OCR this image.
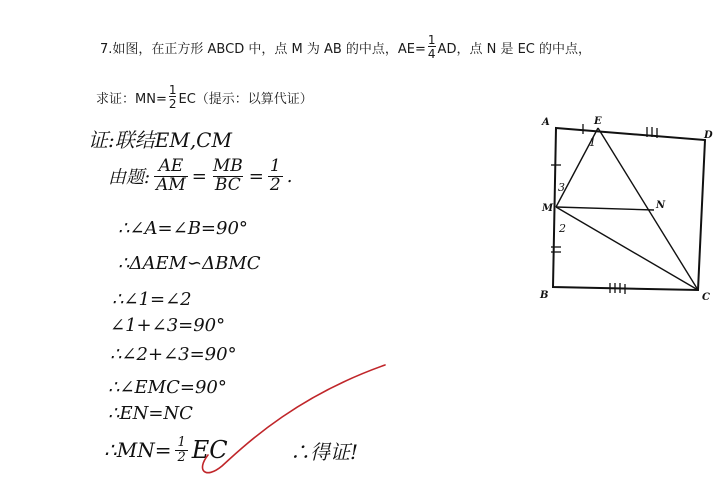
7.如图，在正方形 ABCD 中，点 M 为 AB 的中点，$AE= \frac{1}{4}$ AD，点 N 是 EC 的中点，
求证：$MN= \frac{1}{2} EC$（提示：以算代证）
证:联结EM,CM
由题: $\frac{AE}{AM} = \frac{MB}{BC} = \frac{1}{2}$ .
∴∠A=∠B=90°
∴ΔAEM∽ΔBMC
∴∠1=∠2
∠1+∠3=90°
∴∠2+∠3=90°
∴∠EMC=90°
∴EN=NC
∴MN= $\frac{1}{2}$ EC	∴得证!
A	E
D
M	N
B	C
1
3
2
